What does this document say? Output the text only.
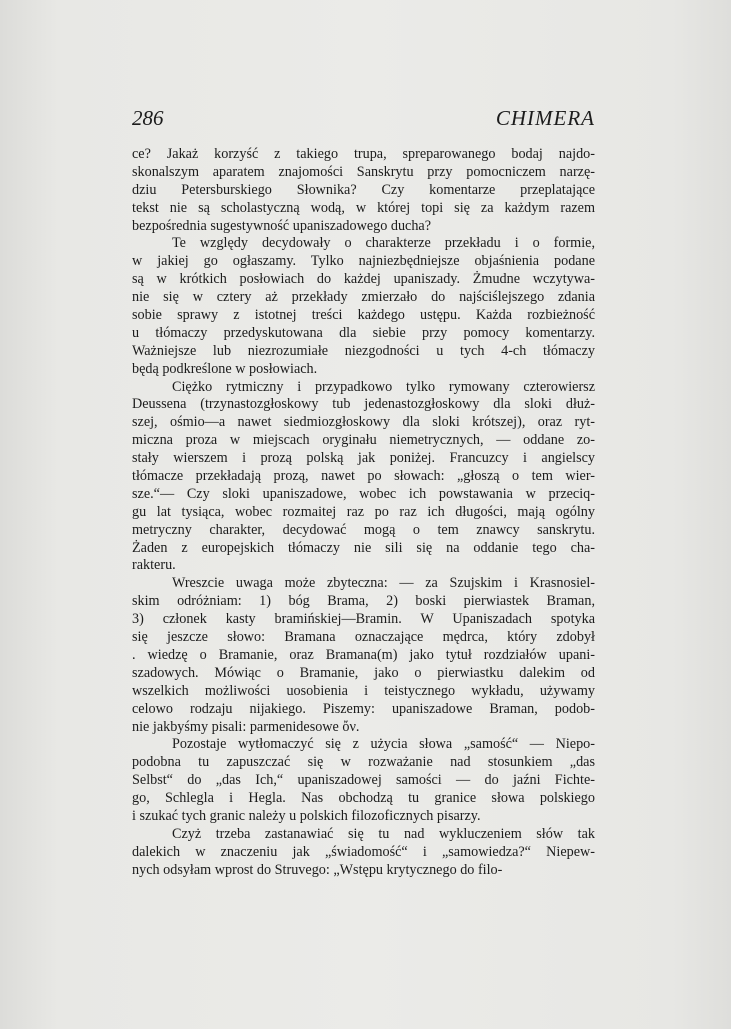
286	CHIMERA
ce? Jakaż korzyść z takiego trupa, spreparowanego bodaj najdo-
skonalszym aparatem znajomości Sanskrytu przy pomocniczem narzę-
dziu Petersburskiego Słownika? Czy komentarze przeplatające
tekst nie są scholastyczną wodą, w której topi się za każdym razem
bezpośrednia sugestywność upaniszadowego ducha?
Te względy decydowały o charakterze przekładu i o formie,
w jakiej go ogłaszamy. Tylko najniezbędniejsze objaśnienia podane
są w krótkich posłowiach do każdej upaniszady. Żmudne wczytywa-
nie się w cztery aż przekłady zmierzało do najściślejszego zdania
sobie sprawy z istotnej treści każdego ustępu. Każda rozbieżność
u tłómaczy przedyskutowana dla siebie przy pomocy komentarzy.
Ważniejsze lub niezrozumiałe niezgodności u tych 4-ch tłómaczy
będą podkreślone w posłowiach.
Ciężko rytmiczny i przypadkowo tylko rymowany czterowiersz
Deussena (trzynastozgłoskowy tub jedenastozgłoskowy dla sloki dłuż-
szej, ośmio—a nawet siedmiozgłoskowy dla sloki krótszej), oraz ryt-
miczna proza w miejscach oryginału niemetrycznych, — oddane zo-
stały wierszem i prozą polską jak poniżej. Francuzcy i angielscy
tłómacze przekładają prozą, nawet po słowach: „głoszą o tem wier-
sze.“— Czy sloki upaniszadowe, wobec ich powstawania w przeciq-
gu lat tysiąca, wobec rozmaitej raz po raz ich długości, mają ogólny
metryczny charakter, decydować mogą o tem znawcy sanskrytu.
Żaden z europejskich tłómaczy nie sili się na oddanie tego cha-
rakteru.
Wreszcie uwaga może zbyteczna: — za Szujskim i Krasnosiel-
skim odróżniam: 1) bóg Brama, 2) boski pierwiastek Braman,
3) członek kasty bramińskiej—Bramin. W Upaniszadach spotyka
się jeszcze słowo: Bramana oznaczające mędrca, który zdobył
. wiedzę o Bramanie, oraz Bramana(m) jako tytuł rozdziałów upani-
szadowych. Mówiąc o Bramanie, jako o pierwiastku dalekim od
wszelkich możliwości uosobienia i teistycznego wykładu, używamy
celowo rodzaju nijakiego. Piszemy: upaniszadowe Braman, podob-
nie jakbyśmy pisali: parmenidesowe ὄν.
Pozostaje wytłomaczyć się z użycia słowa „samość“ — Niepo-
podobna tu zapuszczać się w rozważanie nad stosunkiem „das
Selbst“ do „das Ich,“ upaniszadowej samości — do jaźni Fichte-
go, Schlegla i Hegla. Nas obchodzą tu granice słowa polskiego
i szukać tych granic należy u polskich filozoficznych pisarzy.
Czyż trzeba zastanawiać się tu nad wykluczeniem słów tak
dalekich w znaczeniu jak „świadomość“ i „samowiedza?“ Niepew-
nych odsyłam wprost do Struvego: „Wstępu krytycznego do filo-
